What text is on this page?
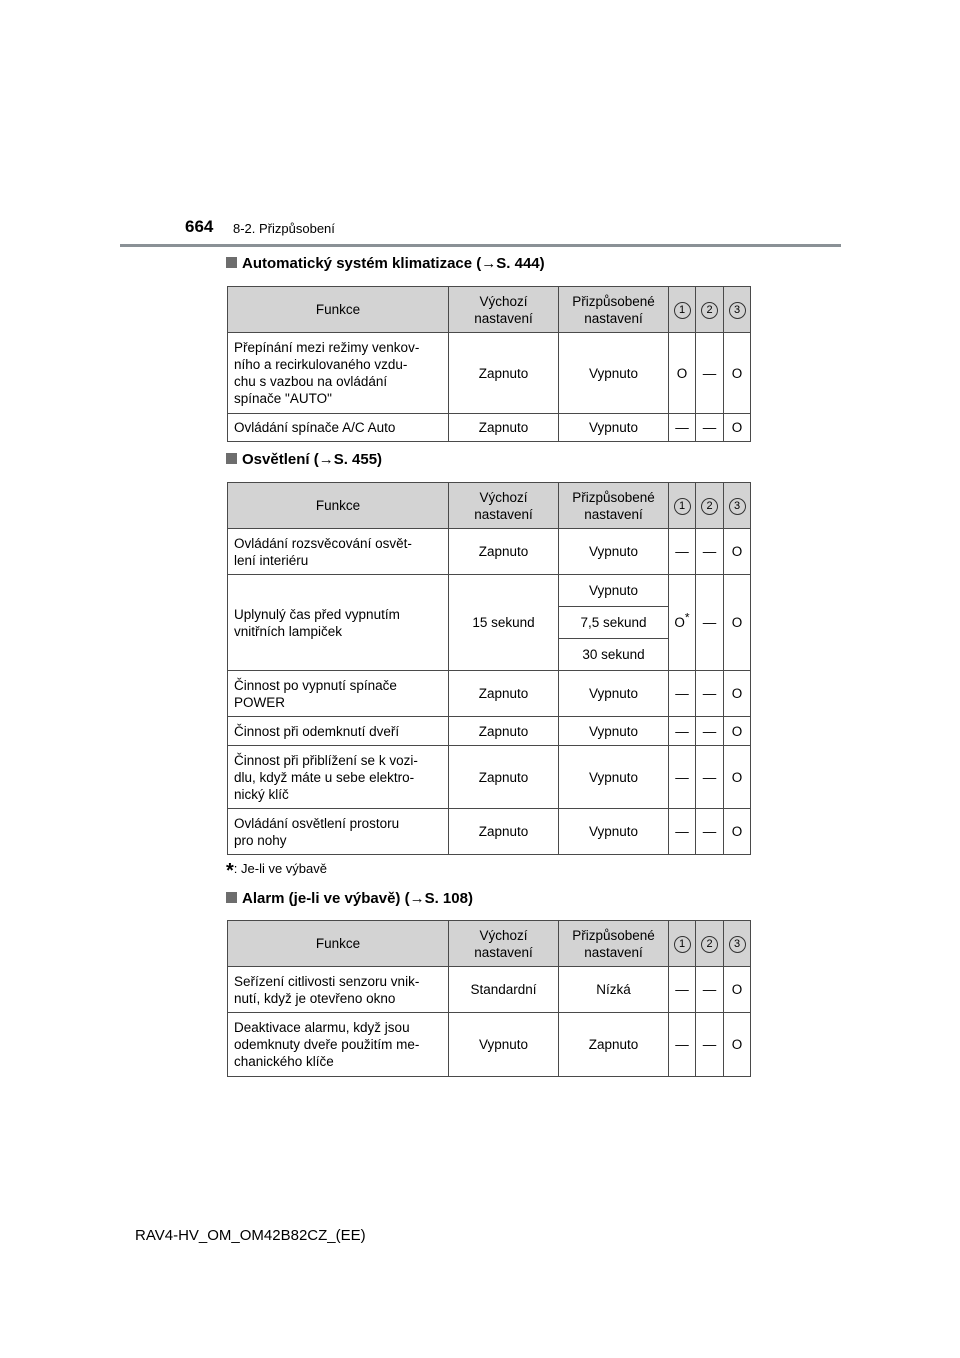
664 8-2. Přizpůsobení
Automatický systém klimatizace (→S. 444)
Funkce	Výchozí nastavení	Přizpůsobené nastavení	1	2	3
Přepínání mezi režimy venkov-
ního a recirkulovaného vzdu-
chu s vazbou na ovládání
spínače "AUTO"	Zapnuto	Vypnuto	O	—	O
Ovládání spínače A/C Auto	Zapnuto	Vypnuto	—	—	O
Osvětlení (→S. 455)
Funkce	Výchozí nastavení	Přizpůsobené nastavení	1	2	3
Ovládání rozsvěcování osvět-
lení interiéru	Zapnuto	Vypnuto	—	—	O
Uplynulý čas před vypnutím
vnitřních lampiček	15 sekund	Vypnuto	O*	—	O
		7,5 sekund			
		30 sekund			
Činnost po vypnutí spínače
POWER	Zapnuto	Vypnuto	—	—	O
Činnost při odemknutí dveří	Zapnuto	Vypnuto	—	—	O
Činnost při přiblížení se k vozi-
dlu, když máte u sebe elektro-
nický klíč	Zapnuto	Vypnuto	—	—	O
Ovládání osvětlení prostoru
pro nohy	Zapnuto	Vypnuto	—	—	O
*: Je-li ve výbavě
Alarm (je-li ve výbavě) (→S. 108)
Funkce	Výchozí nastavení	Přizpůsobené nastavení	1	2	3
Seřízení citlivosti senzoru vnik-
nutí, když je otevřeno okno	Standardní	Nízká	—	—	O
Deaktivace alarmu, když jsou
odemknuty dveře použitím me-
chanického klíče	Vypnuto	Zapnuto	—	—	O
RAV4-HV_OM_OM42B82CZ_(EE)
